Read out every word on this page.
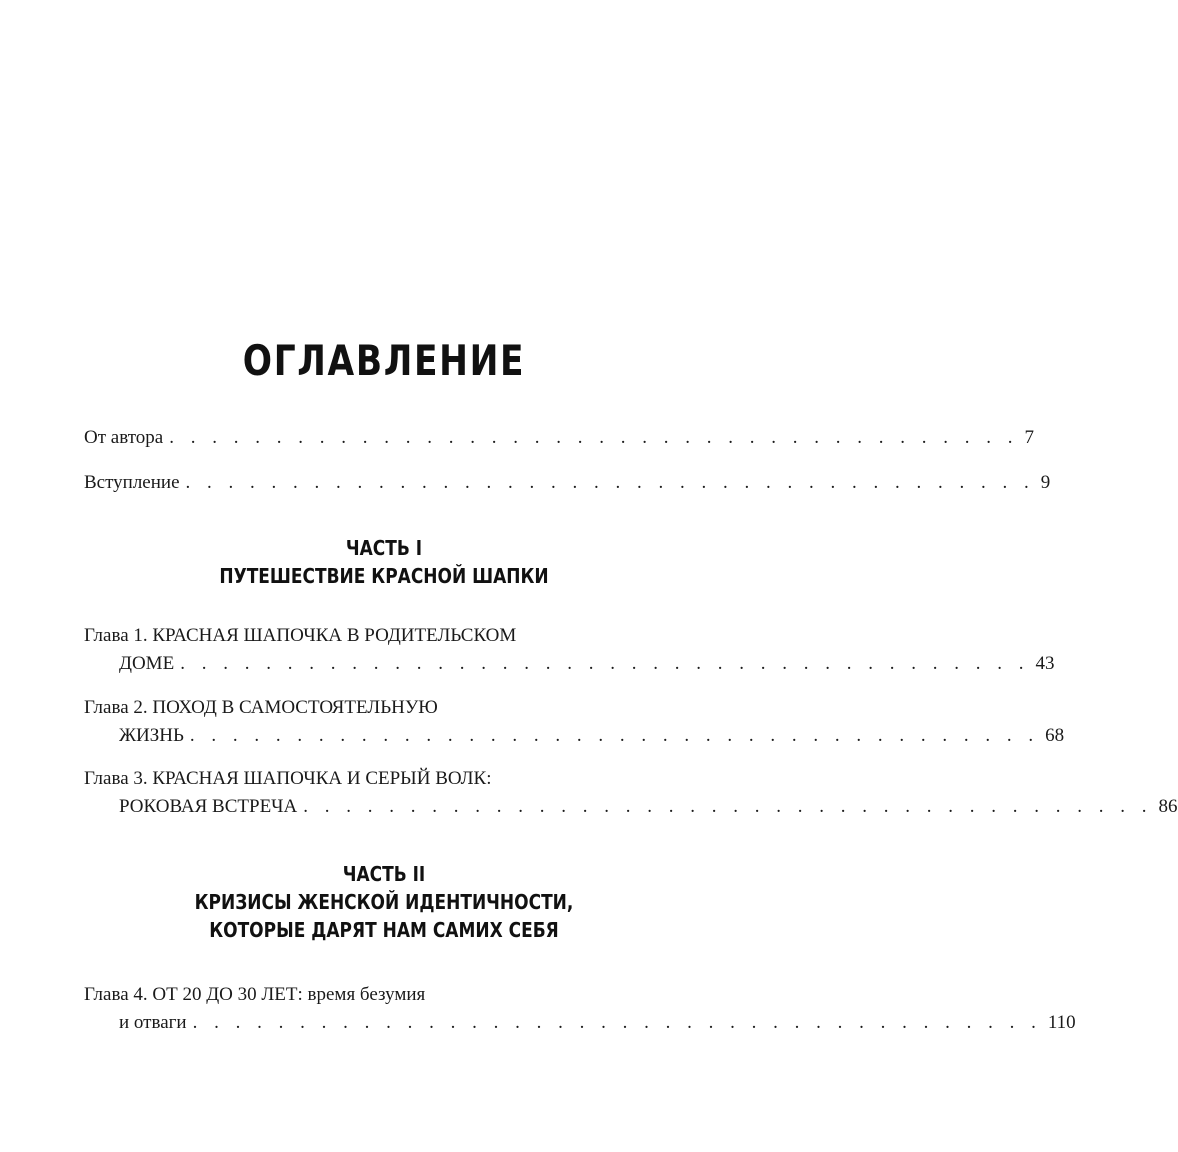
ОГЛАВЛЕНИЕ
От автора . . . . . . . . . . . . . . . . . . . . . . . . . . . . . . . . . . . . . . . . 7
Вступление . . . . . . . . . . . . . . . . . . . . . . . . . . . . . . . . . . . . . . . . 9
ЧАСТЬ I
ПУТЕШЕСТВИЕ КРАСНОЙ ШАПКИ
Глава 1. КРАСНАЯ ШАПОЧКА В РОДИТЕЛЬСКОМ
ДОМЕ . . . . . . . . . . . . . . . . . . . . . . . . . . . . . . . . . . . . . . . . 43
Глава 2. ПОХОД В САМОСТОЯТЕЛЬНУЮ
ЖИЗНЬ . . . . . . . . . . . . . . . . . . . . . . . . . . . . . . . . . . . . . . . . 68
Глава 3. КРАСНАЯ ШАПОЧКА И СЕРЫЙ ВОЛК:
РОКОВАЯ ВСТРЕЧА . . . . . . . . . . . . . . . . . . . . . . . . . . . . . . . . . . . . . . . . 86
ЧАСТЬ II
КРИЗИСЫ ЖЕНСКОЙ ИДЕНТИЧНОСТИ,
КОТОРЫЕ ДАРЯТ НАМ САМИХ СЕБЯ
Глава 4. ОТ 20 ДО 30 ЛЕТ: время безумия
и отваги . . . . . . . . . . . . . . . . . . . . . . . . . . . . . . . . . . . . . . . . 110
